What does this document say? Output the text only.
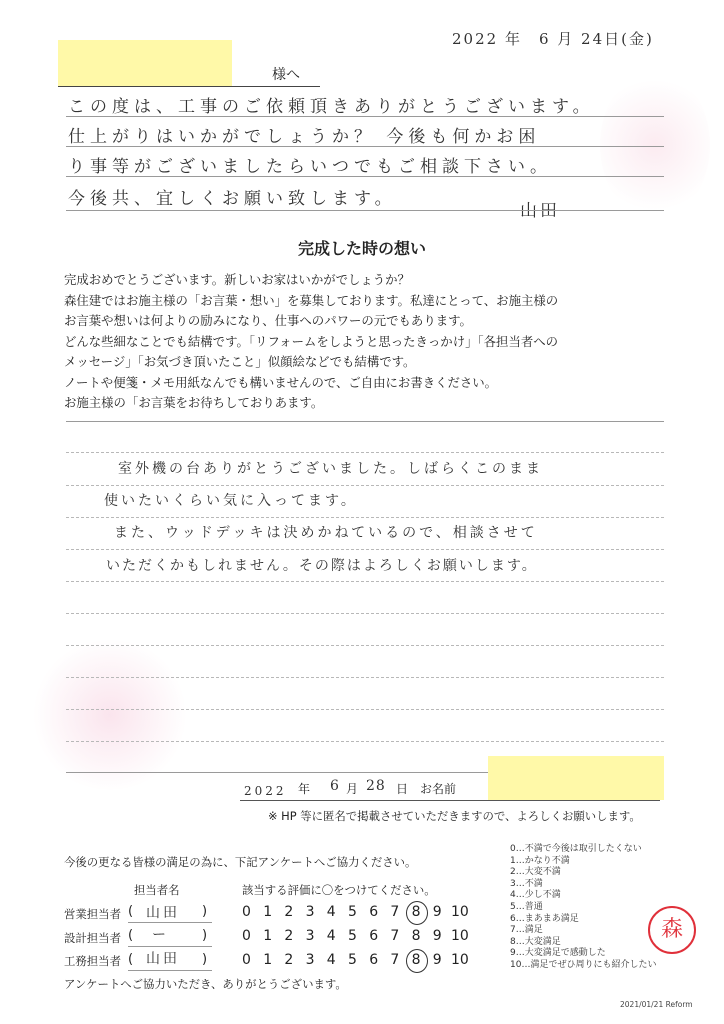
2022 年　6 月 24日(金)
様へ
この度は、工事のご依頼頂きありがとうございます。
仕上がりはいかがでしょうか？ 今後も何かお困
り事等がございましたらいつでもご相談下さい。
今後共、宜しくお願い致します。
山田
完成した時の想い
完成おめでとうございます。新しいお家はいかがでしょうか？
森住建ではお施主様の「お言葉・想い」を募集しております。私達にとって、お施主様の
お言葉や想いは何よりの励みになり、仕事へのパワーの元でもあります。
どんな些細なことでも結構です。「リフォームをしようと思ったきっかけ」「各担当者への
メッセージ」「お気づき頂いたこと」似顔絵などでも結構です。
ノートや便箋・メモ用紙なんでも構いませんので、ご自由にお書きください。
お施主様の「お言葉をお待ちしておりあます。
室外機の台ありがとうございました。しばらくこのまま
使いたいくらい気に入ってます。
また、ウッドデッキは決めかねているので、相談させて
いただくかもしれません。その際はよろしくお願いします。
2022 年 6 月 28 日 お名前
※ HP 等に匿名で掲載させていただきますので、よろしくお願いします。
今後の更なる皆様の満足の為に、下記アンケートへご協力ください。
担当者名	該当する評価に〇をつけてください。
営業担当者 ( 山田 )
設計担当者 ( ー	)
工務担当者 ( 山田 )
0 1 2 3 4 5 6 7 8 9 10
0 1 2 3 4 5 6 7 8 9 10
0 1 2 3 4 5 6 7 8 9 10
アンケートへご協力いただき、ありがとうございます。
0…不満で今後は取引したくない
1…かなり不満
2…大変不満
3…不満
4…少し不満
5…普通
6…まあまあ満足
7…満足
8…大変満足
9…大変満足で感動した
10…満足でぜひ周りにも紹介したい
森
2021/01/21 Reform
